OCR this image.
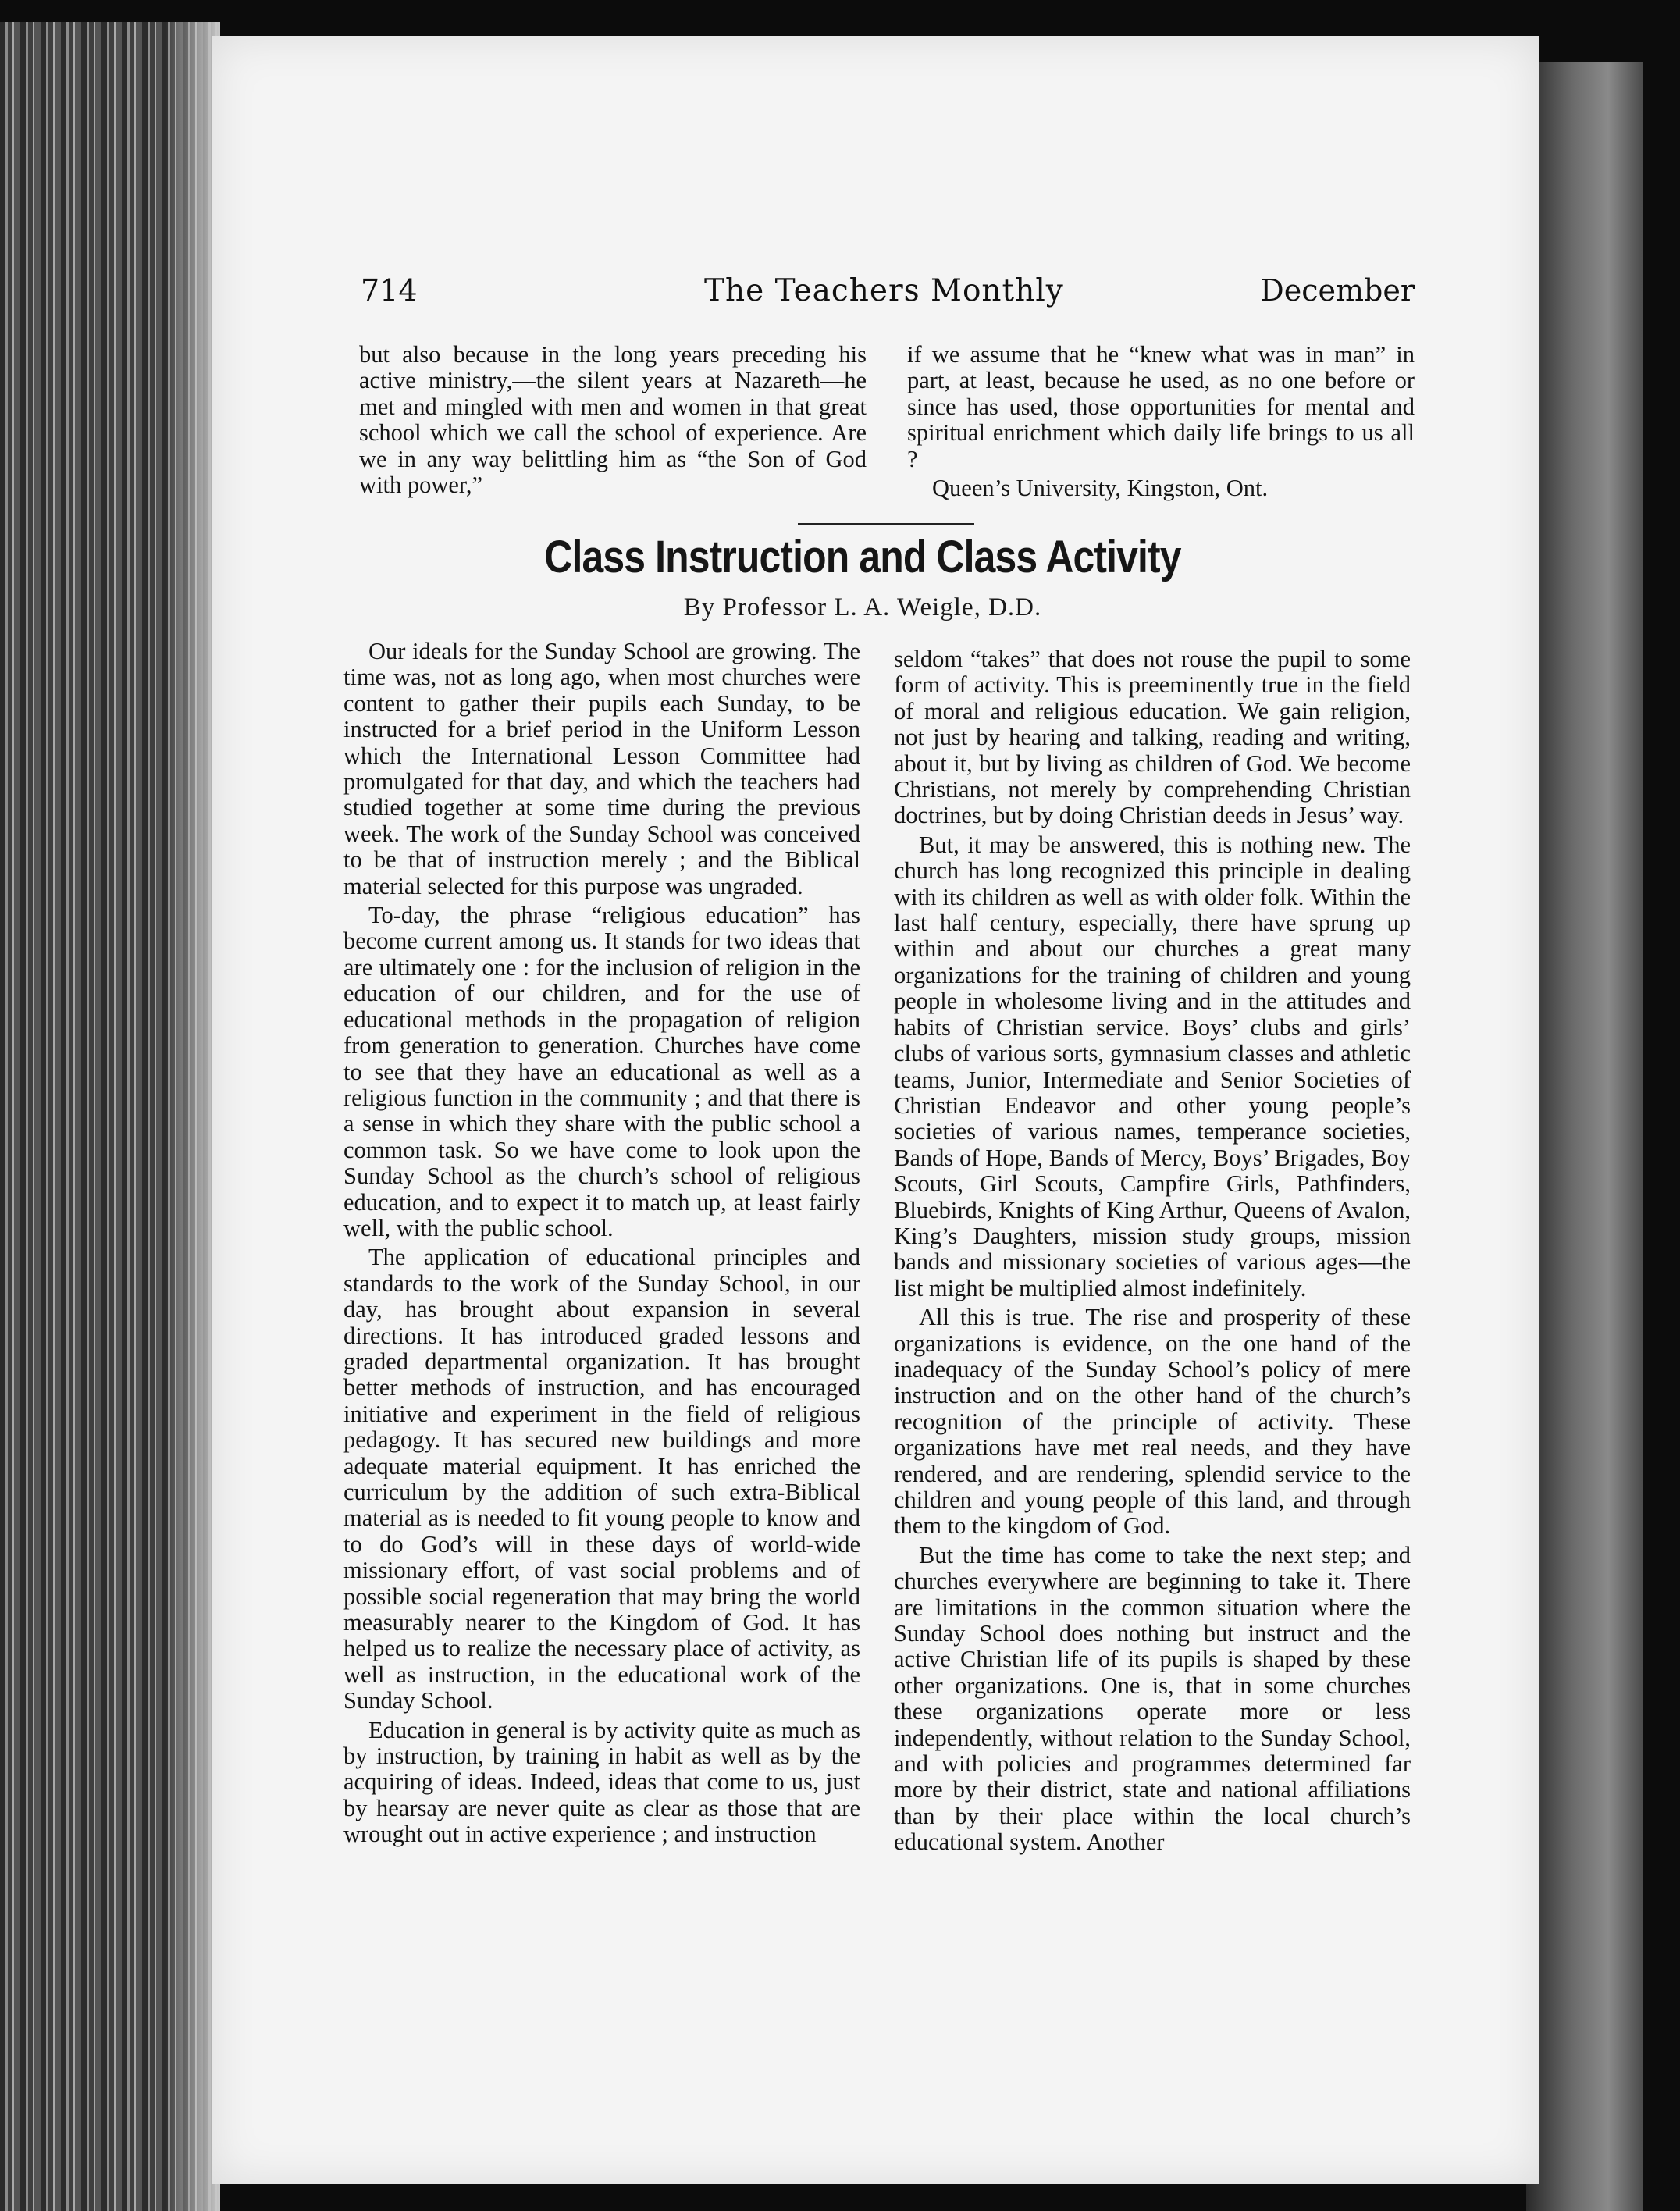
714	The Teachers Monthly	December

but also because in the long years preceding his active ministry,—the silent years at Nazareth—he met and mingled with men and women in that great school which we call the school of experience. Are we in any way belittling him as “the Son of God with power,”

if we assume that he “knew what was in man” in part, at least, because he used, as no one before or since has used, those opportunities for mental and spiritual enrichment which daily life brings to us all ?

Queen’s University, Kingston, Ont.

Class Instruction and Class Activity
By Professor L. A. Weigle, D.D.

Our ideals for the Sunday School are growing. The time was, not as long ago, when most churches were content to gather their pupils each Sunday, to be instructed for a brief period in the Uniform Lesson which the International Lesson Committee had promulgated for that day, and which the teachers had studied together at some time during the previous week. The work of the Sunday School was conceived to be that of instruction merely ; and the Biblical material selected for this purpose was ungraded.

To-day, the phrase “religious education” has become current among us. It stands for two ideas that are ultimately one : for the inclusion of religion in the education of our children, and for the use of educational methods in the propagation of religion from generation to generation. Churches have come to see that they have an educational as well as a religious function in the community ; and that there is a sense in which they share with the public school a common task. So we have come to look upon the Sunday School as the church’s school of religious education, and to expect it to match up, at least fairly well, with the public school.

The application of educational principles and standards to the work of the Sunday School, in our day, has brought about expansion in several directions. It has introduced graded lessons and graded departmental organization. It has brought better methods of instruction, and has encouraged initiative and experiment in the field of religious pedagogy. It has secured new buildings and more adequate material equipment. It has enriched the curriculum by the addition of such extra-Biblical material as is needed to fit young people to know and to do God’s will in these days of world-wide missionary effort, of vast social problems and of possible social regeneration that may bring the world measurably nearer to the Kingdom of God. It has helped us to realize the necessary place of activity, as well as instruction, in the educational work of the Sunday School.

Education in general is by activity quite as much as by instruction, by training in habit as well as by the acquiring of ideas. Indeed, ideas that come to us, just by hearsay are never quite as clear as those that are wrought out in active experience ; and instruction

seldom “takes” that does not rouse the pupil to some form of activity. This is preeminently true in the field of moral and religious education. We gain religion, not just by hearing and talking, reading and writing, about it, but by living as children of God. We become Christians, not merely by comprehending Christian doctrines, but by doing Christian deeds in Jesus’ way.

But, it may be answered, this is nothing new. The church has long recognized this principle in dealing with its children as well as with older folk. Within the last half century, especially, there have sprung up within and about our churches a great many organizations for the training of children and young people in wholesome living and in the attitudes and habits of Christian service. Boys’ clubs and girls’ clubs of various sorts, gymnasium classes and athletic teams, Junior, Intermediate and Senior Societies of Christian Endeavor and other young people’s societies of various names, temperance societies, Bands of Hope, Bands of Mercy, Boys’ Brigades, Boy Scouts, Girl Scouts, Campfire Girls, Pathfinders, Bluebirds, Knights of King Arthur, Queens of Avalon, King’s Daughters, mission study groups, mission bands and missionary societies of various ages—the list might be multiplied almost indefinitely.

All this is true. The rise and prosperity of these organizations is evidence, on the one hand of the inadequacy of the Sunday School’s policy of mere instruction and on the other hand of the church’s recognition of the principle of activity. These organizations have met real needs, and they have rendered, and are rendering, splendid service to the children and young people of this land, and through them to the kingdom of God.

But the time has come to take the next step; and churches everywhere are beginning to take it. There are limitations in the common situation where the Sunday School does nothing but instruct and the active Christian life of its pupils is shaped by these other organizations. One is, that in some churches these organizations operate more or less independently, without relation to the Sunday School, and with policies and programmes determined far more by their district, state and national affiliations than by their place within the local church’s educational system. Another
